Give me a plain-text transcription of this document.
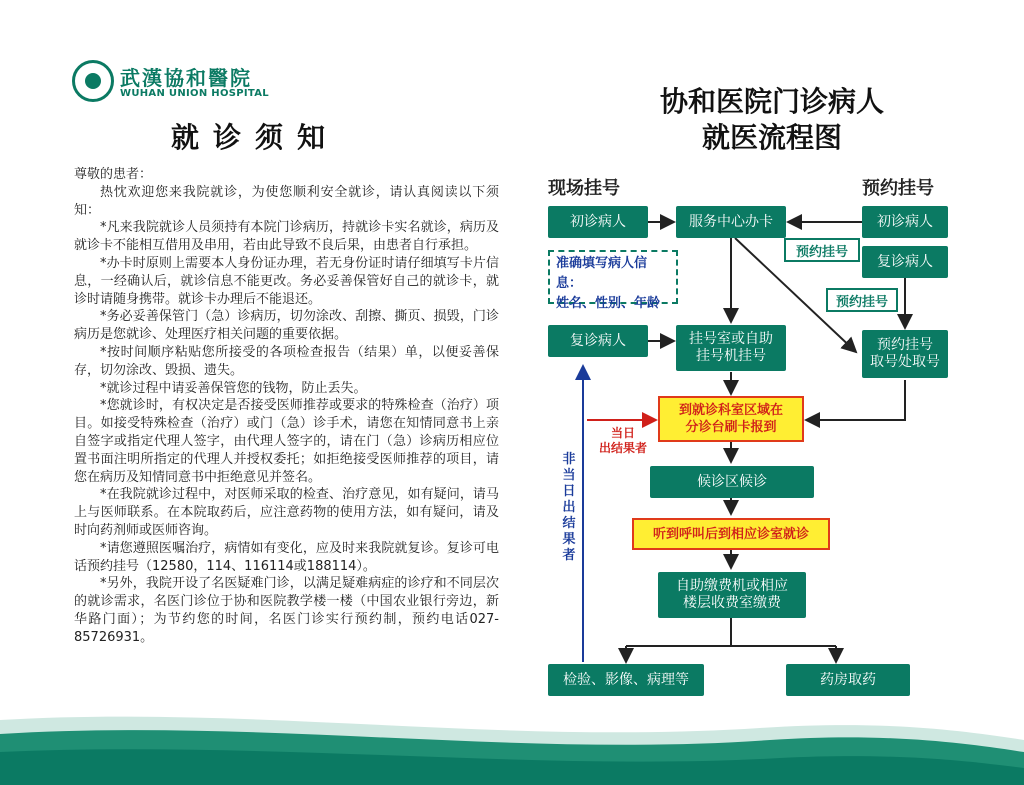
武漢協和醫院
WUHAN UNION HOSPITAL
就诊须知

尊敬的患者：

热忱欢迎您来我院就诊，为使您顺利安全就诊，请认真阅读以下须知：

*凡来我院就诊人员须持有本院门诊病历，持就诊卡实名就诊，病历及就诊卡不能相互借用及串用，若由此导致不良后果，由患者自行承担。

*办卡时原则上需要本人身份证办理，若无身份证时请仔细填写卡片信息，一经确认后，就诊信息不能更改。务必妥善保管好自己的就诊卡，就诊时请随身携带。就诊卡办理后不能退还。

*务必妥善保管门（急）诊病历，切勿涂改、刮擦、撕页、损毁，门诊病历是您就诊、处理医疗相关问题的重要依据。

*按时间顺序粘贴您所接受的各项检查报告（结果）单，以便妥善保存，切勿涂改、毁损、遗失。

*就诊过程中请妥善保管您的钱物，防止丢失。

*您就诊时，有权决定是否接受医师推荐或要求的特殊检查（治疗）项目。如接受特殊检查（治疗）或门（急）诊手术，请您在知情同意书上亲自签字或指定代理人签字，由代理人签字的，请在门（急）诊病历相应位置书面注明所指定的代理人并授权委托；如拒绝接受医师推荐的项目，请您在病历及知情同意书中拒绝意见并签名。

*在我院就诊过程中，对医师采取的检查、治疗意见，如有疑问，请马上与医师联系。在本院取药后，应注意药物的使用方法，如有疑问，请及时向药剂师或医师咨询。

*请您遵照医嘱治疗，病情如有变化，应及时来我院就复诊。复诊可电话预约挂号（12580，114、116114或188114）。

*另外，我院开设了名医疑难门诊，以满足疑难病症的诊疗和不同层次的就诊需求，名医门诊位于协和医院教学楼一楼（中国农业银行旁边，新华路门面）；为节约您的时间，名医门诊实行预约制，预约电话027-85726931。

协和医院门诊病人
就医流程图
现场挂号	预约挂号
初诊病人	服务中心办卡	初诊病人
预约挂号
复诊病人
准确填写病人信息：
姓名、性别、年龄	预约挂号
复诊病人	挂号室或自助
挂号机挂号
预约挂号
取号处取号
到就诊科室区域在
分诊台刷卡报到
当日
出结果者
非当日出结果者
候诊区候诊
听到呼叫后到相应诊室就诊
自助缴费机或相应
楼层收费室缴费
检验、影像、病理等	药房取药
